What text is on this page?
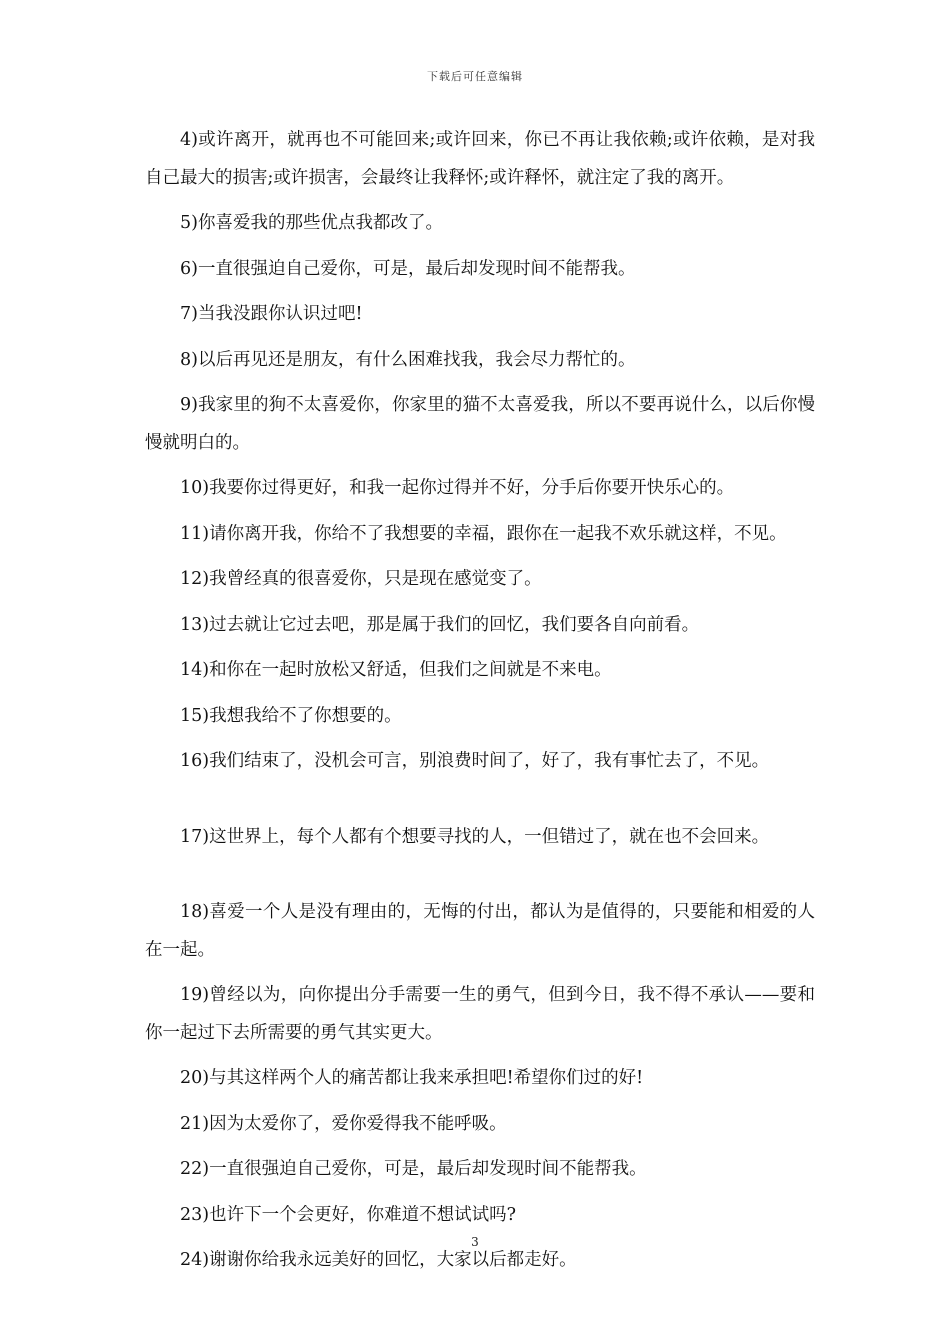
下载后可任意编辑

4)或许离开，就再也不可能回来;或许回来，你已不再让我依赖;或许依赖，是对我自己最大的损害;或许损害，会最终让我释怀;或许释怀，就注定了我的离开。

5)你喜爱我的那些优点我都改了。

6)一直很强迫自己爱你，可是，最后却发现时间不能帮我。

7)当我没跟你认识过吧!

8)以后再见还是朋友，有什么困难找我，我会尽力帮忙的。

9)我家里的狗不太喜爱你，你家里的猫不太喜爱我，所以不要再说什么，以后你慢慢就明白的。

10)我要你过得更好，和我一起你过得并不好，分手后你要开快乐心的。

11)请你离开我，你给不了我想要的幸福，跟你在一起我不欢乐就这样，不见。

12)我曾经真的很喜爱你，只是现在感觉变了。

13)过去就让它过去吧，那是属于我们的回忆，我们要各自向前看。

14)和你在一起时放松又舒适，但我们之间就是不来电。

15)我想我给不了你想要的。

16)我们结束了，没机会可言，别浪费时间了，好了，我有事忙去了，不见。

17)这世界上，每个人都有个想要寻找的人，一但错过了，就在也不会回来。

18)喜爱一个人是没有理由的，无悔的付出，都认为是值得的，只要能和相爱的人在一起。

19)曾经以为，向你提出分手需要一生的勇气，但到今日，我不得不承认——要和你一起过下去所需要的勇气其实更大。

20)与其这样两个人的痛苦都让我来承担吧!希望你们过的好!

21)因为太爱你了，爱你爱得我不能呼吸。

22)一直很强迫自己爱你，可是，最后却发现时间不能帮我。

23)也许下一个会更好，你难道不想试试吗?

24)谢谢你给我永远美好的回忆，大家以后都走好。

3
